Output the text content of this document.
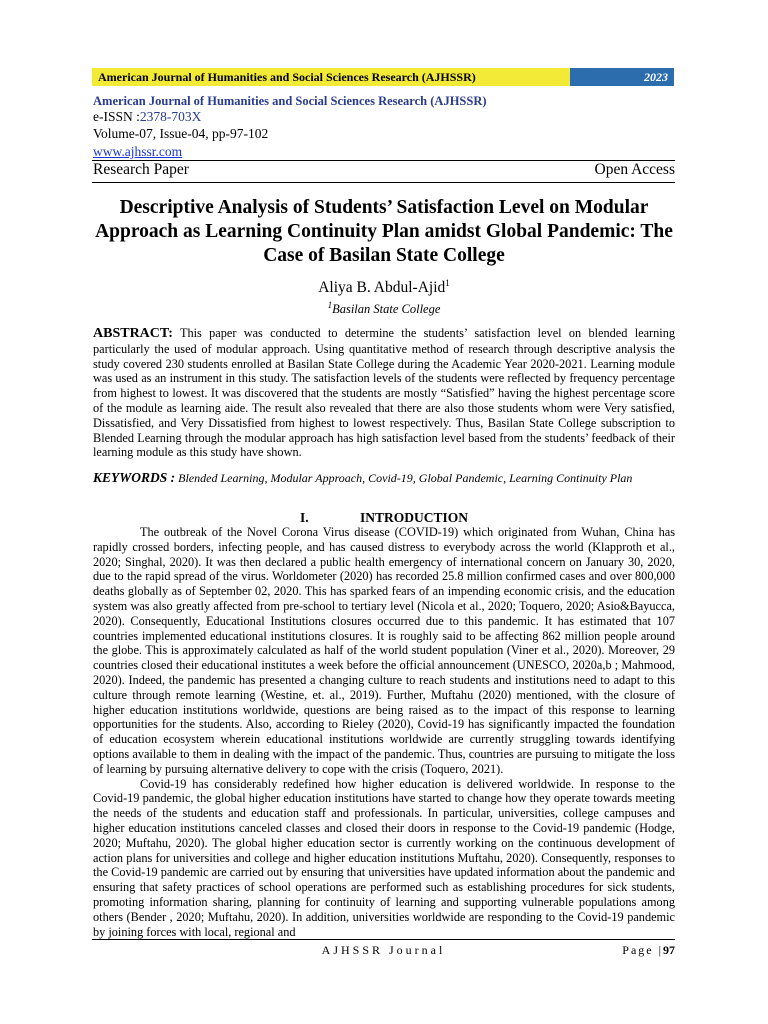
American Journal of Humanities and Social Sciences Research (AJHSSR)	2023
American Journal of Humanities and Social Sciences Research (AJHSSR)
e-ISSN :2378-703X
Volume-07, Issue-04, pp-97-102
www.ajhssr.com
Research Paper	Open Access
Descriptive Analysis of Students’ Satisfaction Level on Modular Approach as Learning Continuity Plan amidst Global Pandemic: The Case of Basilan State College
Aliya B. Abdul-Ajid$^1$
$^1$Basilan State College
ABSTRACT: This paper was conducted to determine the students’ satisfaction level on blended learning particularly the used of modular approach. Using quantitative method of research through descriptive analysis the study covered 230 students enrolled at Basilan State College during the Academic Year 2020-2021. Learning module was used as an instrument in this study. The satisfaction levels of the students were reflected by frequency percentage from highest to lowest. It was discovered that the students are mostly “Satisfied” having the highest percentage score of the module as learning aide. The result also revealed that there are also those students whom were Very satisfied, Dissatisfied, and Very Dissatisfied from highest to lowest respectively. Thus, Basilan State College subscription to Blended Learning through the modular approach has high satisfaction level based from the students’ feedback of their learning module as this study have shown.
KEYWORDS : Blended Learning, Modular Approach, Covid-19, Global Pandemic, Learning Continuity Plan
I.	INTRODUCTION

The outbreak of the Novel Corona Virus disease (COVID-19) which originated from Wuhan, China has rapidly crossed borders, infecting people, and has caused distress to everybody across the world (Klapproth et al., 2020; Singhal, 2020). It was then declared a public health emergency of international concern on January 30, 2020, due to the rapid spread of the virus. Worldometer (2020) has recorded 25.8 million confirmed cases and over 800,000 deaths globally as of September 02, 2020. This has sparked fears of an impending economic crisis, and the education system was also greatly affected from pre-school to tertiary level (Nicola et al., 2020; Toquero, 2020; Asio&Bayucca, 2020). Consequently, Educational Institutions closures occurred due to this pandemic. It has estimated that 107 countries implemented educational institutions closures. It is roughly said to be affecting 862 million people around the globe. This is approximately calculated as half of the world student population (Viner et al., 2020). Moreover, 29 countries closed their educational institutes a week before the official announcement (UNESCO, 2020a,b ; Mahmood, 2020). Indeed, the pandemic has presented a changing culture to reach students and institutions need to adapt to this culture through remote learning (Westine, et. al., 2019). Further, Muftahu (2020) mentioned, with the closure of higher education institutions worldwide, questions are being raised as to the impact of this response to learning opportunities for the students. Also, according to Rieley (2020), Covid-19 has significantly impacted the foundation of education ecosystem wherein educational institutions worldwide are currently struggling towards identifying options available to them in dealing with the impact of the pandemic. Thus, countries are pursuing to mitigate the loss of learning by pursuing alternative delivery to cope with the crisis (Toquero, 2021).

Covid-19 has considerably redefined how higher education is delivered worldwide. In response to the Covid-19 pandemic, the global higher education institutions have started to change how they operate towards meeting the needs of the students and education staff and professionals. In particular, universities, college campuses and higher education institutions canceled classes and closed their doors in response to the Covid-19 pandemic (Hodge, 2020; Muftahu, 2020). The global higher education sector is currently working on the continuous development of action plans for universities and college and higher education institutions Muftahu, 2020). Consequently, responses to the Covid-19 pandemic are carried out by ensuring that universities have updated information about the pandemic and ensuring that safety practices of school operations are performed such as establishing procedures for sick students, promoting information sharing, planning for continuity of learning and supporting vulnerable populations among others (Bender , 2020; Muftahu, 2020). In addition, universities worldwide are responding to the Covid-19 pandemic by joining forces with local, regional and

AJHSSR Journal	Page |97
